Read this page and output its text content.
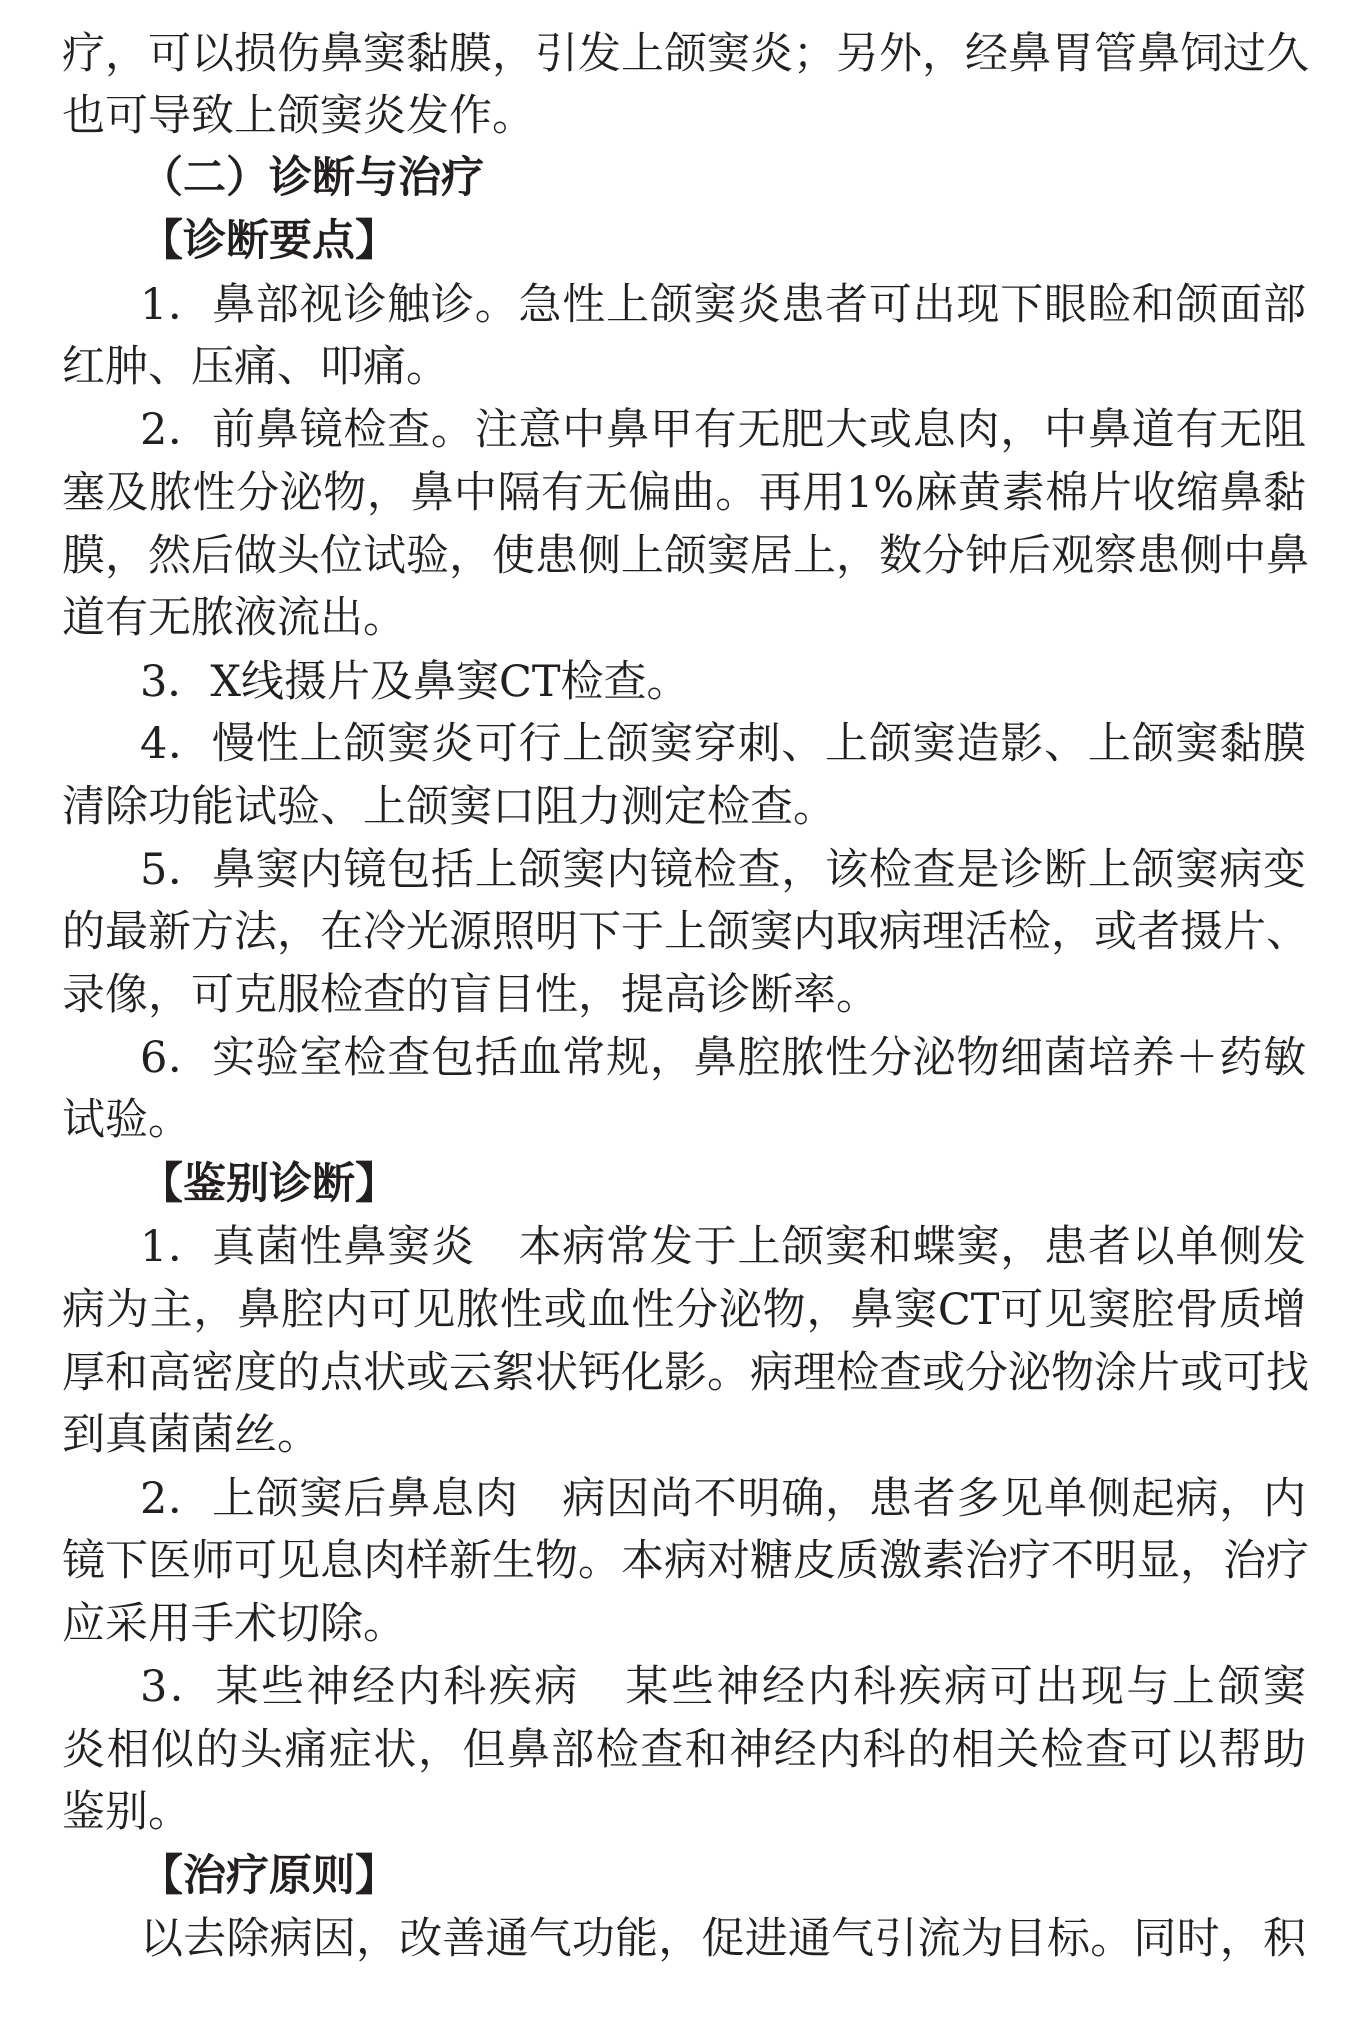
疗，可以损伤鼻窦黏膜，引发上颌窦炎；另外，经鼻胃管鼻饲过久
也可导致上颌窦炎发作。
（二）诊断与治疗
【诊断要点】
1．鼻部视诊触诊。急性上颌窦炎患者可出现下眼睑和颌面部
红肿、压痛、叩痛。
2．前鼻镜检查。注意中鼻甲有无肥大或息肉，中鼻道有无阻
塞及脓性分泌物，鼻中隔有无偏曲。再用1%麻黄素棉片收缩鼻黏
膜，然后做头位试验，使患侧上颌窦居上，数分钟后观察患侧中鼻
道有无脓液流出。
3．X线摄片及鼻窦CT检查。
4．慢性上颌窦炎可行上颌窦穿刺、上颌窦造影、上颌窦黏膜
清除功能试验、上颌窦口阻力测定检查。
5．鼻窦内镜包括上颌窦内镜检查，该检查是诊断上颌窦病变
的最新方法，在冷光源照明下于上颌窦内取病理活检，或者摄片、
录像，可克服检查的盲目性，提高诊断率。
6．实验室检查包括血常规，鼻腔脓性分泌物细菌培养＋药敏
试验。
【鉴别诊断】
1．真菌性鼻窦炎　本病常发于上颌窦和蝶窦，患者以单侧发
病为主，鼻腔内可见脓性或血性分泌物，鼻窦CT可见窦腔骨质增
厚和高密度的点状或云絮状钙化影。病理检查或分泌物涂片或可找
到真菌菌丝。
2．上颌窦后鼻息肉　病因尚不明确，患者多见单侧起病，内
镜下医师可见息肉样新生物。本病对糖皮质激素治疗不明显，治疗
应采用手术切除。
3．某些神经内科疾病　某些神经内科疾病可出现与上颌窦
炎相似的头痛症状，但鼻部检查和神经内科的相关检查可以帮助
鉴别。
【治疗原则】
以去除病因，改善通气功能，促进通气引流为目标。同时，积
